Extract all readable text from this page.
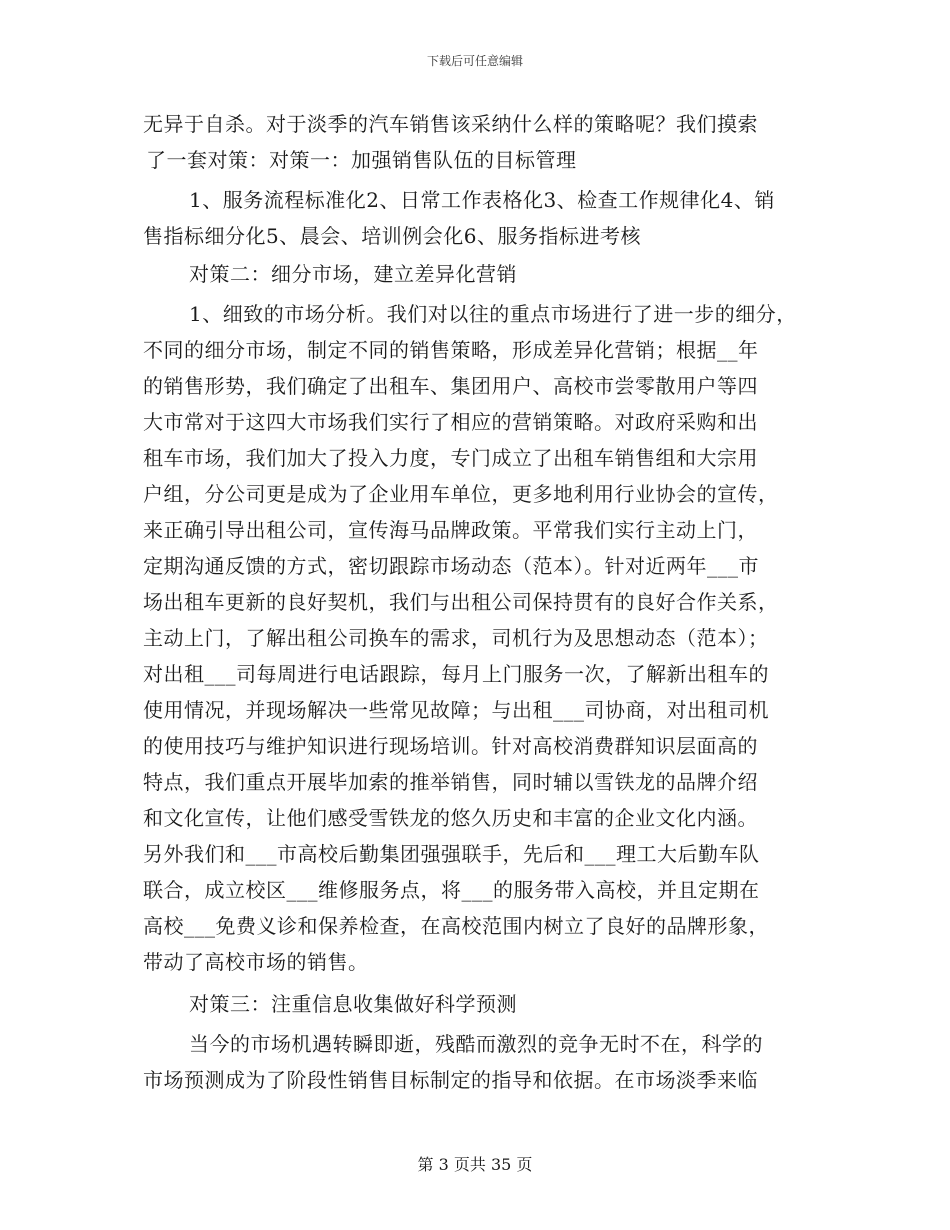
下载后可任意编辑
无异于自杀。对于淡季的汽车销售该采纳什么样的策略呢？我们摸索
了一套对策：对策一：加强销售队伍的目标管理
1、服务流程标准化2、日常工作表格化3、检查工作规律化4、销
售指标细分化5、晨会、培训例会化6、服务指标进考核
对策二：细分市场，建立差异化营销
1、细致的市场分析。我们对以往的重点市场进行了进一步的细分，
不同的细分市场，制定不同的销售策略，形成差异化营销；根据__年
的销售形势，我们确定了出租车、集团用户、高校市尝零散用户等四
大市常对于这四大市场我们实行了相应的营销策略。对政府采购和出
租车市场，我们加大了投入力度，专门成立了出租车销售组和大宗用
户组，分公司更是成为了企业用车单位，更多地利用行业协会的宣传，
来正确引导出租公司，宣传海马品牌政策。平常我们实行主动上门，
定期沟通反馈的方式，密切跟踪市场动态（范本）。针对近两年___市
场出租车更新的良好契机，我们与出租公司保持贯有的良好合作关系，
主动上门，了解出租公司换车的需求，司机行为及思想动态（范本）；
对出租___司每周进行电话跟踪，每月上门服务一次，了解新出租车的
使用情况，并现场解决一些常见故障；与出租___司协商，对出租司机
的使用技巧与维护知识进行现场培训。针对高校消费群知识层面高的
特点，我们重点开展毕加索的推举销售，同时辅以雪铁龙的品牌介绍
和文化宣传，让他们感受雪铁龙的悠久历史和丰富的企业文化内涵。
另外我们和___市高校后勤集团强强联手，先后和___理工大后勤车队
联合，成立校区___维修服务点，将___的服务带入高校，并且定期在
高校___免费义诊和保养检查，在高校范围内树立了良好的品牌形象，
带动了高校市场的销售。
对策三：注重信息收集做好科学预测
当今的市场机遇转瞬即逝，残酷而激烈的竞争无时不在，科学的
市场预测成为了阶段性销售目标制定的指导和依据。在市场淡季来临
第 3 页共 35 页
